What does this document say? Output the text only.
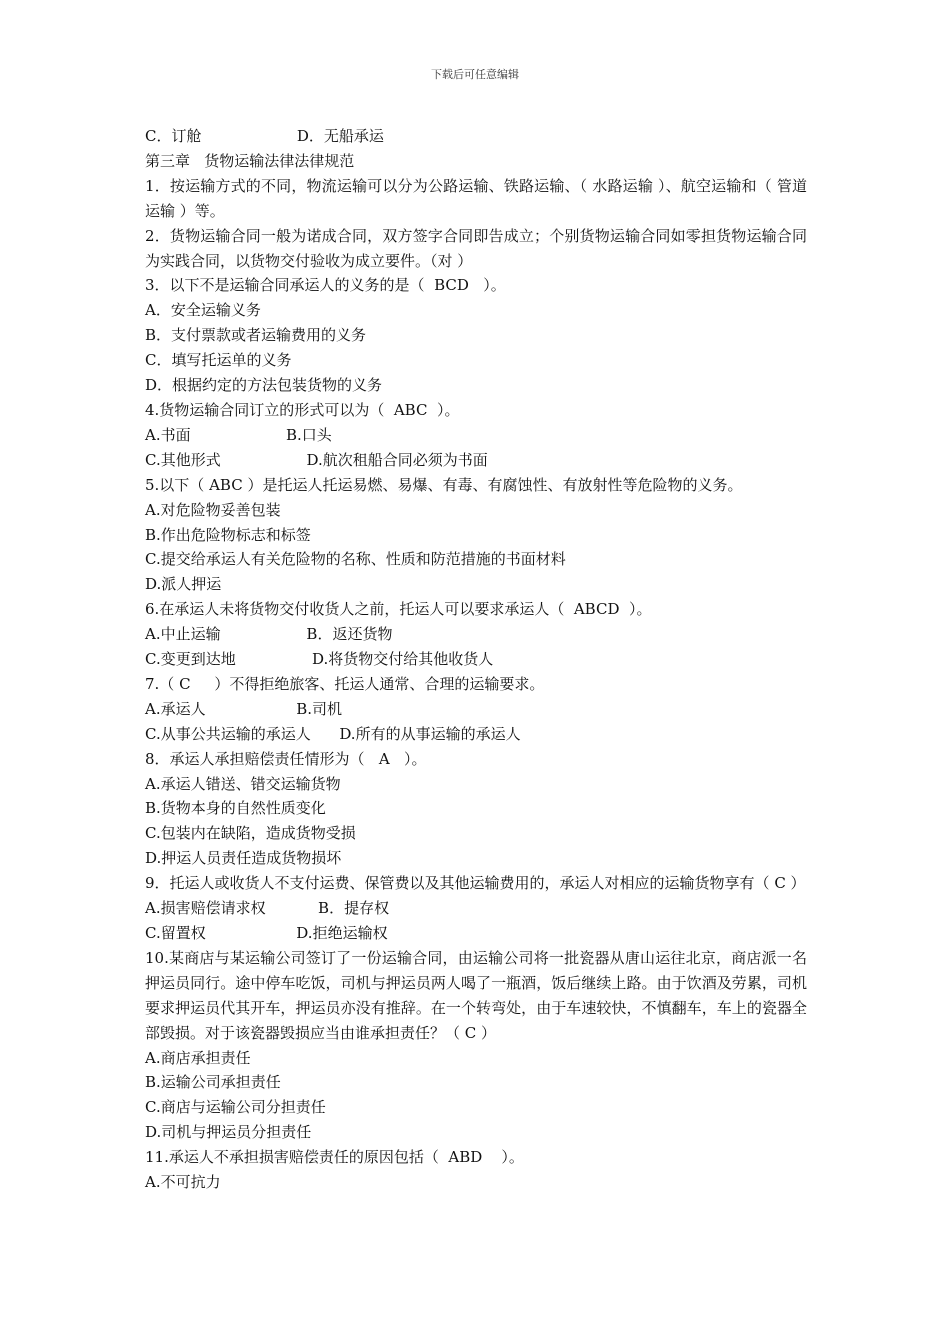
下载后可任意编辑
C．订舱                    D．无船承运
第三章   货物运输法律法律规范
1．按运输方式的不同，物流运输可以分为公路运输、铁路运输、（ 水路运输 ）、航空运输和（ 管道运输 ）等。
2．货物运输合同一般为诺成合同，双方签字合同即告成立；个别货物运输合同如零担货物运输合同为实践合同，以货物交付验收为成立要件。（对 ）
3．以下不是运输合同承运人的义务的是（  BCD   ）。
A．安全运输义务
B．支付票款或者运输费用的义务
C．填写托运单的义务
D．根据约定的方法包装货物的义务
4.货物运输合同订立的形式可以为（  ABC  ）。
A.书面                    B.口头
C.其他形式                  D.航次租船合同必须为书面
5.以下（ ABC ）是托运人托运易燃、易爆、有毒、有腐蚀性、有放射性等危险物的义务。
A.对危险物妥善包装
B.作出危险物标志和标签
C.提交给承运人有关危险物的名称、性质和防范措施的书面材料
D.派人押运
6.在承运人未将货物交付收货人之前，托运人可以要求承运人（  ABCD  ）。
A.中止运输                  B．返还货物
C.变更到达地                D.将货物交付给其他收货人
7.（ C     ）不得拒绝旅客、托运人通常、合理的运输要求。
A.承运人                   B.司机
C.从事公共运输的承运人      D.所有的从事运输的承运人
8．承运人承担赔偿责任情形为（   A   ）。
A.承运人错送、错交运输货物
B.货物本身的自然性质变化
C.包装内在缺陷，造成货物受损
D.押运人员责任造成货物损坏
9．托运人或收货人不支付运费、保管费以及其他运输费用的，承运人对相应的运输货物享有（ C ）
A.损害赔偿请求权           B．提存权
C.留置权                   D.拒绝运输权
10.某商店与某运输公司签订了一份运输合同，由运输公司将一批瓷器从唐山运往北京，商店派一名押运员同行。途中停车吃饭，司机与押运员两人喝了一瓶酒，饭后继续上路。由于饮酒及劳累，司机要求押运员代其开车，押运员亦没有推辞。在一个转弯处，由于车速较快，不慎翻车，车上的瓷器全部毁损。对于该瓷器毁损应当由谁承担责任？（ C ）
A.商店承担责任
B.运输公司承担责任
C.商店与运输公司分担责任
D.司机与押运员分担责任
11.承运人不承担损害赔偿责任的原因包括（  ABD    ）。
A.不可抗力
